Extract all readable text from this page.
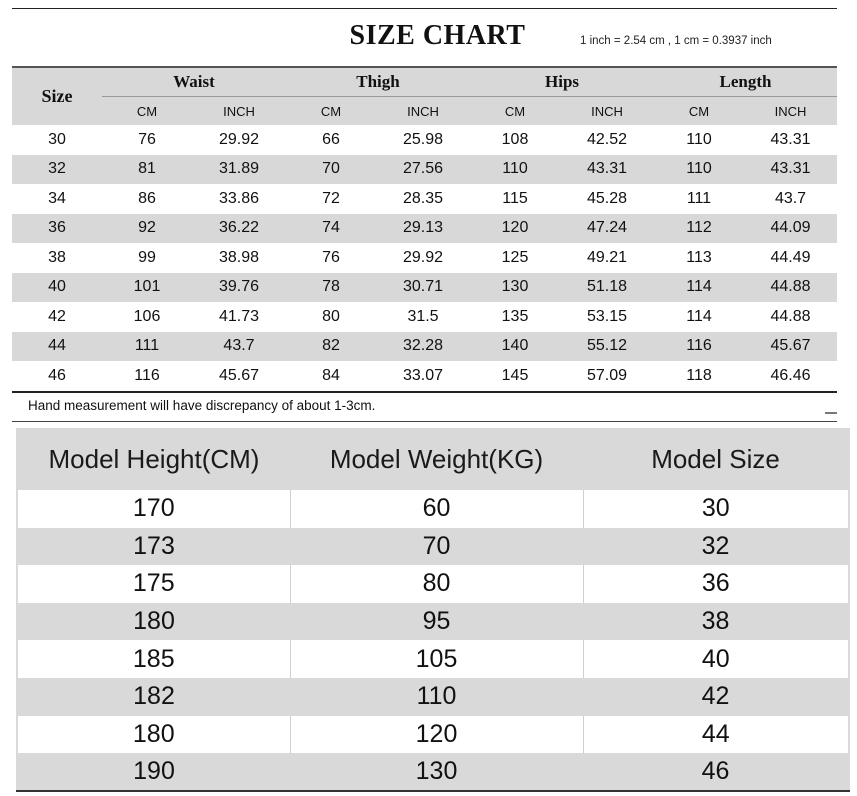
SIZE CHART	1 inch = 2.54 cm , 1 cm = 0.3937 inch
Size	Waist		Thigh		Hips		Length	
	CM	INCH	CM	INCH	CM	INCH	CM	INCH
30	76	29.92	66	25.98	108	42.52	110	43.31
32	81	31.89	70	27.56	110	43.31	110	43.31
34	86	33.86	72	28.35	115	45.28	111	43.7
36	92	36.22	74	29.13	120	47.24	112	44.09
38	99	38.98	76	29.92	125	49.21	113	44.49
40	101	39.76	78	30.71	130	51.18	114	44.88
42	106	41.73	80	31.5	135	53.15	114	44.88
44	111	43.7	82	32.28	140	55.12	116	45.67
46	116	45.67	84	33.07	145	57.09	118	46.46
Hand measurement will have discrepancy of about 1-3cm.
Model Height(CM)	Model Weight(KG)	Model Size
170	60	30
173	70	32
175	80	36
180	95	38
185	105	40
182	110	42
180	120	44
190	130	46
